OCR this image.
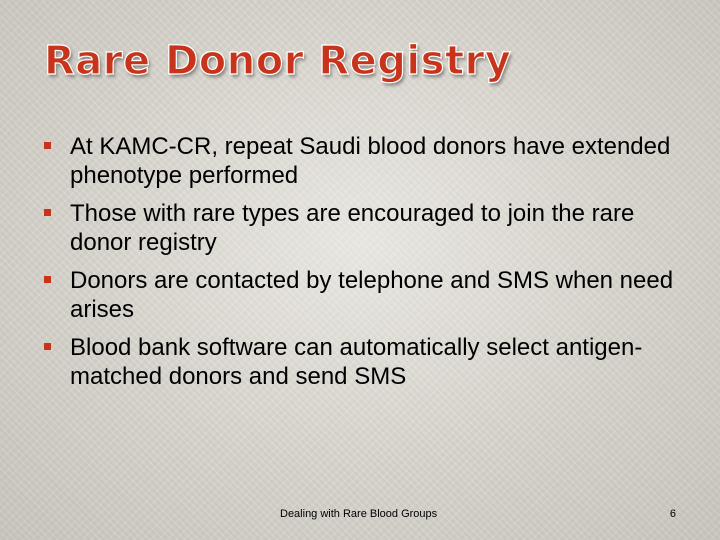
Rare Donor Registry
At KAMC-CR, repeat Saudi blood donors have extended phenotype performed
Those with rare types are encouraged to join the rare donor registry
Donors are contacted by telephone and SMS when need arises
Blood bank software can automatically select antigen-matched donors and send SMS
Dealing with Rare Blood Groups	6
